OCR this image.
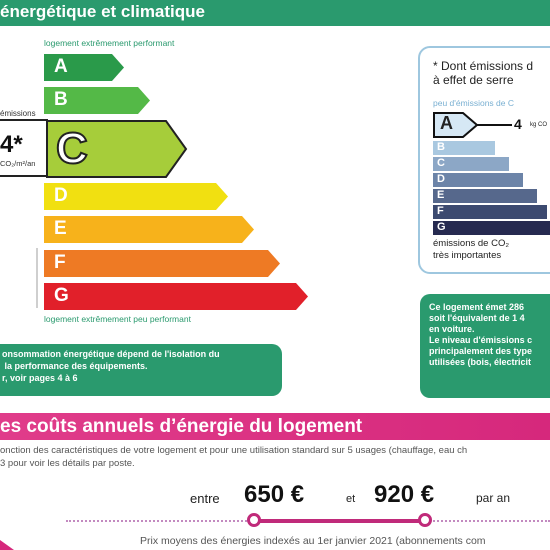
énergétique et climatique
logement extrêmement performant
A
B
émissions
4*
CO₂/m²/an C
D
E
F
G
logement extrêmement peu performant
onsommation énergétique dépend de l'isolation du
la performance des équipements.
r, voir pages 4 à 6
* Dont émissions d
à effet de serre
peu d'émissions de C
A	4 kg CO
B
C
D
E
F
G
émissions de CO₂
très importantes
Ce logement émet 286
soit l'équivalent de 1 4
en voiture.
Le niveau d'émissions c
principalement des type
utilisées (bois, électricit
es coûts annuels d’énergie du logement
onction des caractéristiques de votre logement et pour une utilisation standard sur 5 usages (chauffage, eau ch
3 pour voir les détails par poste.
entre 650 €	et 920 €	par an
Prix moyens des énergies indexés au 1er janvier 2021 (abonnements com
